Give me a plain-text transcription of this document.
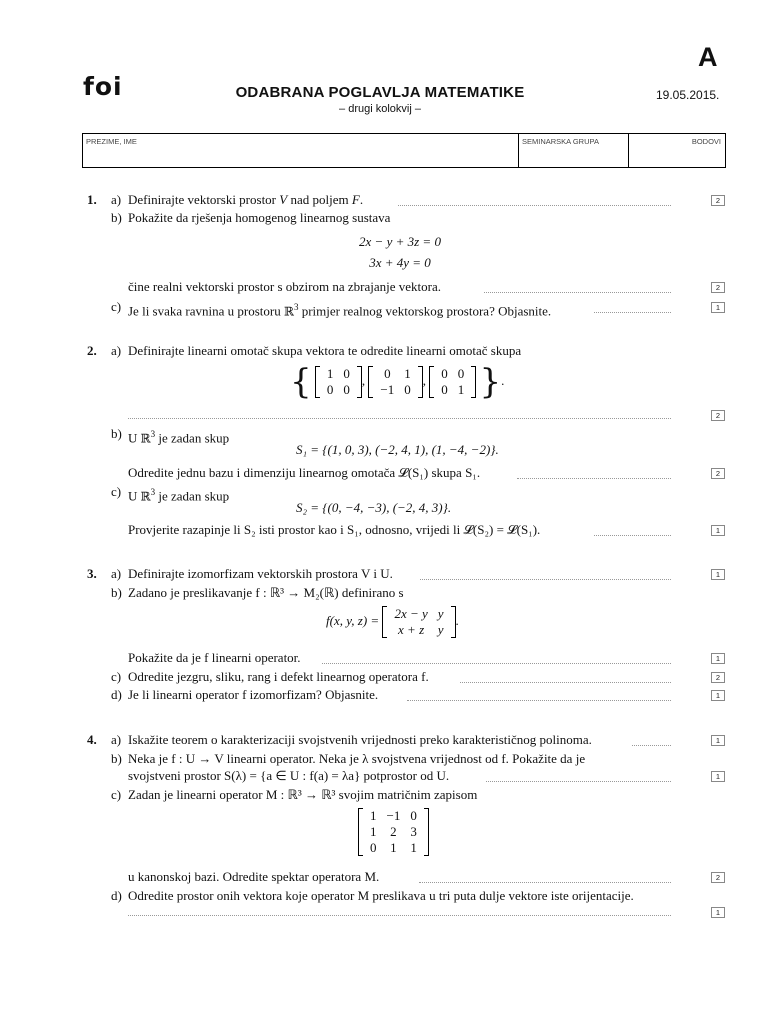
foi
A
ODABRANA POGLAVLJA MATEMATIKE
– drugi kolokvij –
19.05.2015.
PREZIME, IME	SEMINARSKA GRUPA	BODOVI
1. a) Definirajte vektorski prostor V nad poljem F.	2
b) Pokažite da rješenja homogenog linearnog sustava
2x − y + 3z = 0
3x + 4y = 0
čine realni vektorski prostor s obzirom na zbrajanje vektora.	2
c) Je li svaka ravnina u prostoru ℝ$^3$ primjer realnog vektorskog prostora? Objasnite.	1
2. a) Definirajte linearni omotač skupa vektora te odredite linearni omotač skupa
{ 1	0
0	0
, 0	1
−1	0
, 0	0
0	1 }.
2
b) U ℝ$^3$ je zadan skup
S₁ = {(1, 0, 3), (−2, 4, 1), (1, −4, −2)}.
Odredite jednu bazu i dimenziju linearnog omotača 𝓛(S₁) skupa S₁.	2
c) U ℝ$^3$ je zadan skup
S₂ = {(0, −4, −3), (−2, 4, 3)}.
Provjerite razapinje li S₂ isti prostor kao i S₁, odnosno, vrijedi li 𝓛(S₂) = 𝓛(S₁).	1
3. a) Definirajte izomorfizam vektorskih prostora V i U.	1
b) Zadano je preslikavanje f : ℝ³ → M₂(ℝ) definirano s
f(x, y, z) = 2x − y	y
x + z	y
.
Pokažite da je f linearni operator.	1
c) Odredite jezgru, sliku, rang i defekt linearnog operatora f.	2
d) Je li linearni operator f izomorfizam? Objasnite.	1
4. a) Iskažite teorem o karakterizaciji svojstvenih vrijednosti preko karakterističnog polinoma.	1
b) Neka je f : U → V linearni operator. Neka je λ svojstvena vrijednost od f. Pokažite da je
svojstveni prostor S(λ) = {a ∈ U : f(a) = λa} potprostor od U.	1
c) Zadan je linearni operator M : ℝ³ → ℝ³ svojim matričnim zapisom
1	−1	0
1	2	3
0	1	1
u kanonskoj bazi. Odredite spektar operatora M.	2
d) Odredite prostor onih vektora koje operator M preslikava u tri puta dulje vektore iste orijentacije.
1
